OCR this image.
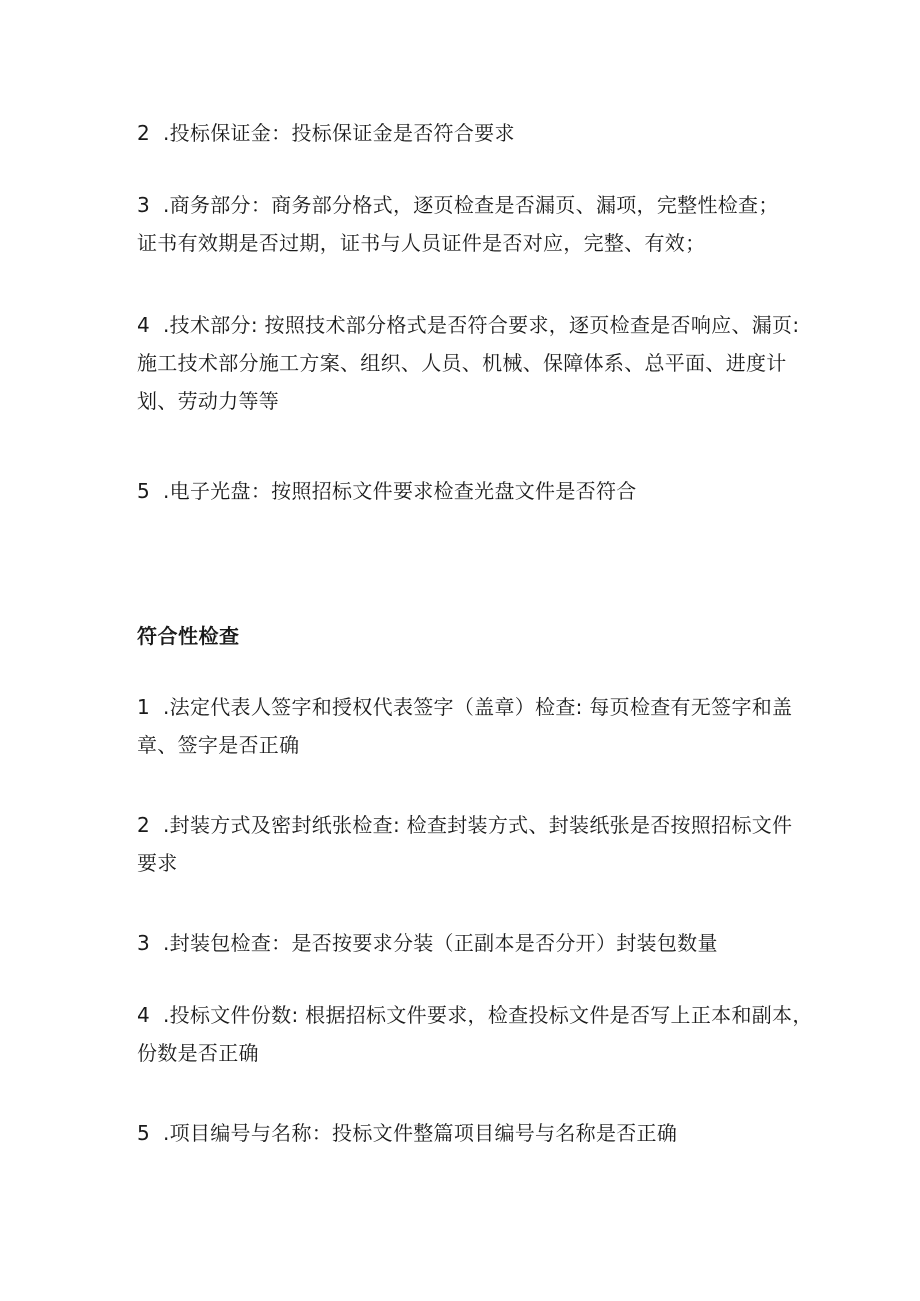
2 .投标保证金：投标保证金是否符合要求
3 .商务部分：商务部分格式，逐页检查是否漏页、漏项，完整性检查；
证书有效期是否过期，证书与人员证件是否对应，完整、有效；
4 .技术部分: 按照技术部分格式是否符合要求，逐页检查是否响应、漏页:
施工技术部分施工方案、组织、人员、机械、保障体系、总平面、进度计
划、劳动力等等
5 .电子光盘：按照招标文件要求检查光盘文件是否符合
符合性检查
1 .法定代表人签字和授权代表签字（盖章）检查: 每页检查有无签字和盖
章、签字是否正确
2 .封装方式及密封纸张检查: 检查封装方式、封装纸张是否按照招标文件
要求
3 .封装包检查：是否按要求分装（正副本是否分开）封装包数量
4 .投标文件份数: 根据招标文件要求，检查投标文件是否写上正本和副本，
份数是否正确
5 .项目编号与名称：投标文件整篇项目编号与名称是否正确
